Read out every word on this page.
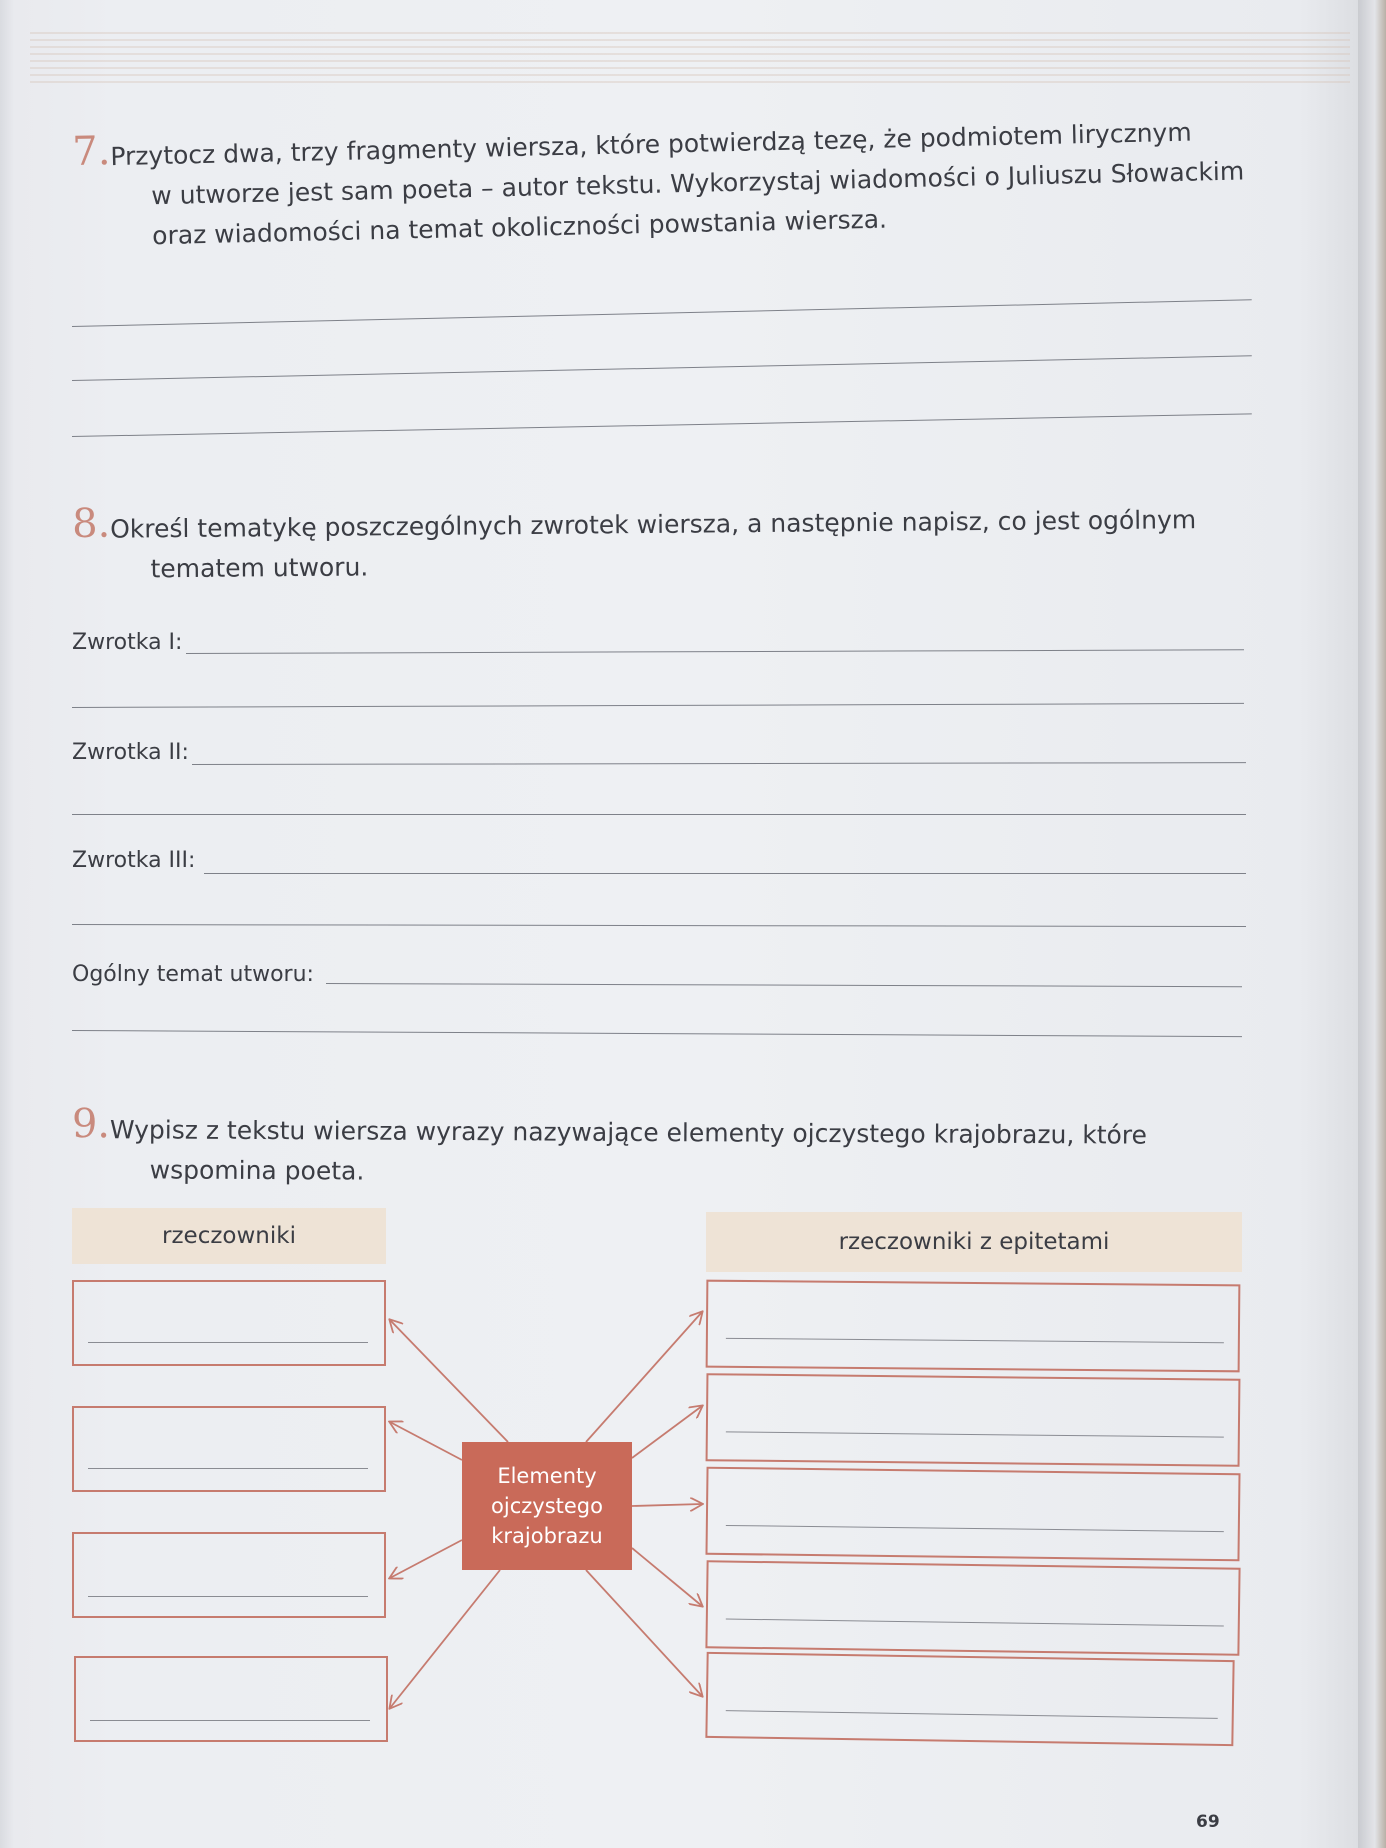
7. Przytocz dwa, trzy fragmenty wiersza, które potwierdzą tezę, że podmiotem lirycznym
w utworze jest sam poeta – autor tekstu. Wykorzystaj wiadomości o Juliuszu Słowackim
oraz wiadomości na temat okoliczności powstania wiersza.
8. Określ tematykę poszczególnych zwrotek wiersza, a następnie napisz, co jest ogólnym
tematem utworu.
Zwrotka I:
Zwrotka II:
Zwrotka III:
Ogólny temat utworu:
9. Wypisz z tekstu wiersza wyrazy nazywające elementy ojczystego krajobrazu, które
wspomina poeta.
rzeczowniki	rzeczowniki z epitetami
Elementy
ojczystego
krajobrazu
69
